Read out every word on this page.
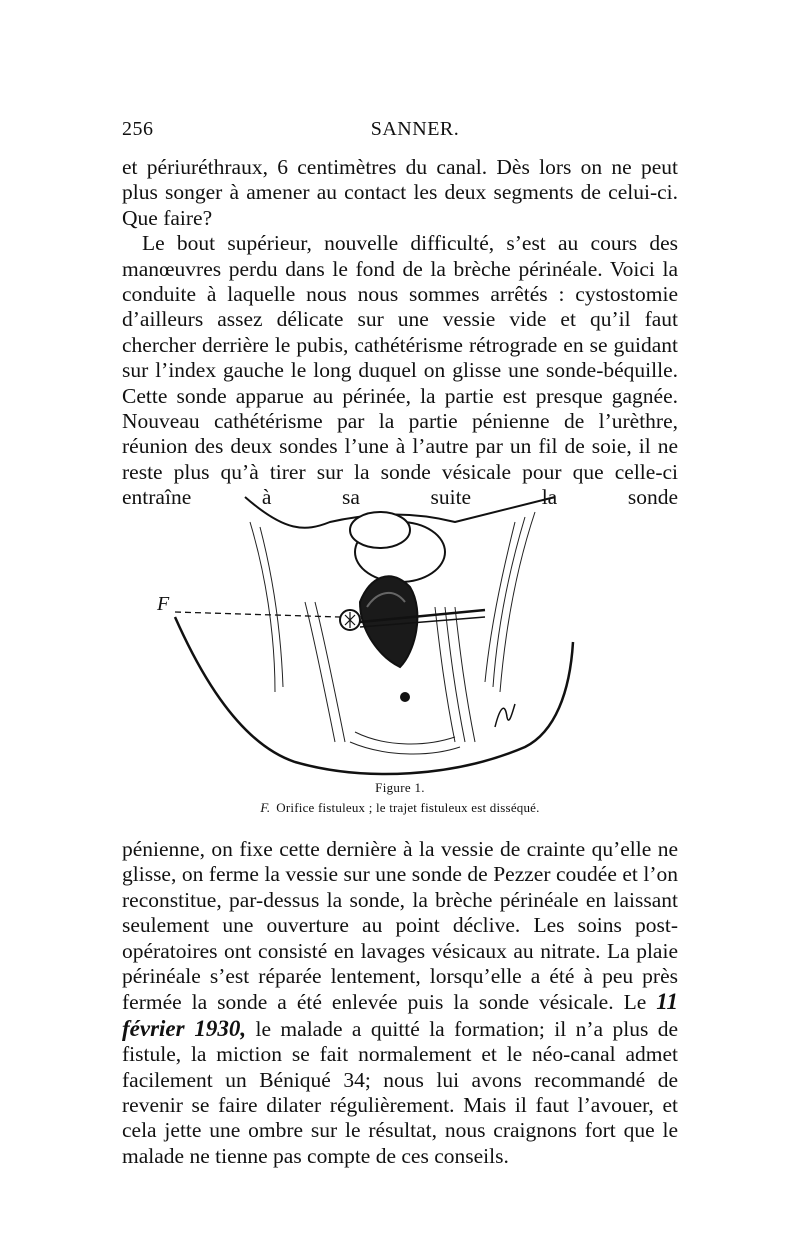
256	SANNER.

et périuréthraux, 6 centimètres du canal. Dès lors on ne peut plus songer à amener au contact les deux segments de celui-ci. Que faire?

Le bout supérieur, nouvelle difficulté, s’est au cours des manœuvres perdu dans le fond de la brèche périnéale. Voici la conduite à laquelle nous nous sommes arrêtés : cystostomie d’ailleurs assez délicate sur une vessie vide et qu’il faut chercher derrière le pubis, cathétérisme rétrograde en se guidant sur l’index gauche le long duquel on glisse une sonde-béquille. Cette sonde apparue au périnée, la partie est presque gagnée. Nouveau cathétérisme par la partie pénienne de l’urèthre, réunion des deux sondes l’une à l’autre par un fil de soie, il ne reste plus qu’à tirer sur la sonde vésicale pour que celle-ci entraîne à sa suite la sonde

F
Figure 1.
F. Orifice fistuleux ; le trajet fistuleux est disséqué.

pénienne, on fixe cette dernière à la vessie de crainte qu’elle ne glisse, on ferme la vessie sur une sonde de Pezzer coudée et l’on reconstitue, par-dessus la sonde, la brèche périnéale en laissant seulement une ouverture au point déclive. Les soins post-opératoires ont consisté en lavages vésicaux au nitrate. La plaie périnéale s’est réparée lentement, lorsqu’elle a été à peu près fermée la sonde a été enlevée puis la sonde vésicale. Le 11 février 1930, le malade a quitté la formation; il n’a plus de fistule, la miction se fait normalement et le néo-canal admet facilement un Béniqué 34; nous lui avons recommandé de revenir se faire dilater régulièrement. Mais il faut l’avouer, et cela jette une ombre sur le résultat, nous craignons fort que le malade ne tienne pas compte de ces conseils.
